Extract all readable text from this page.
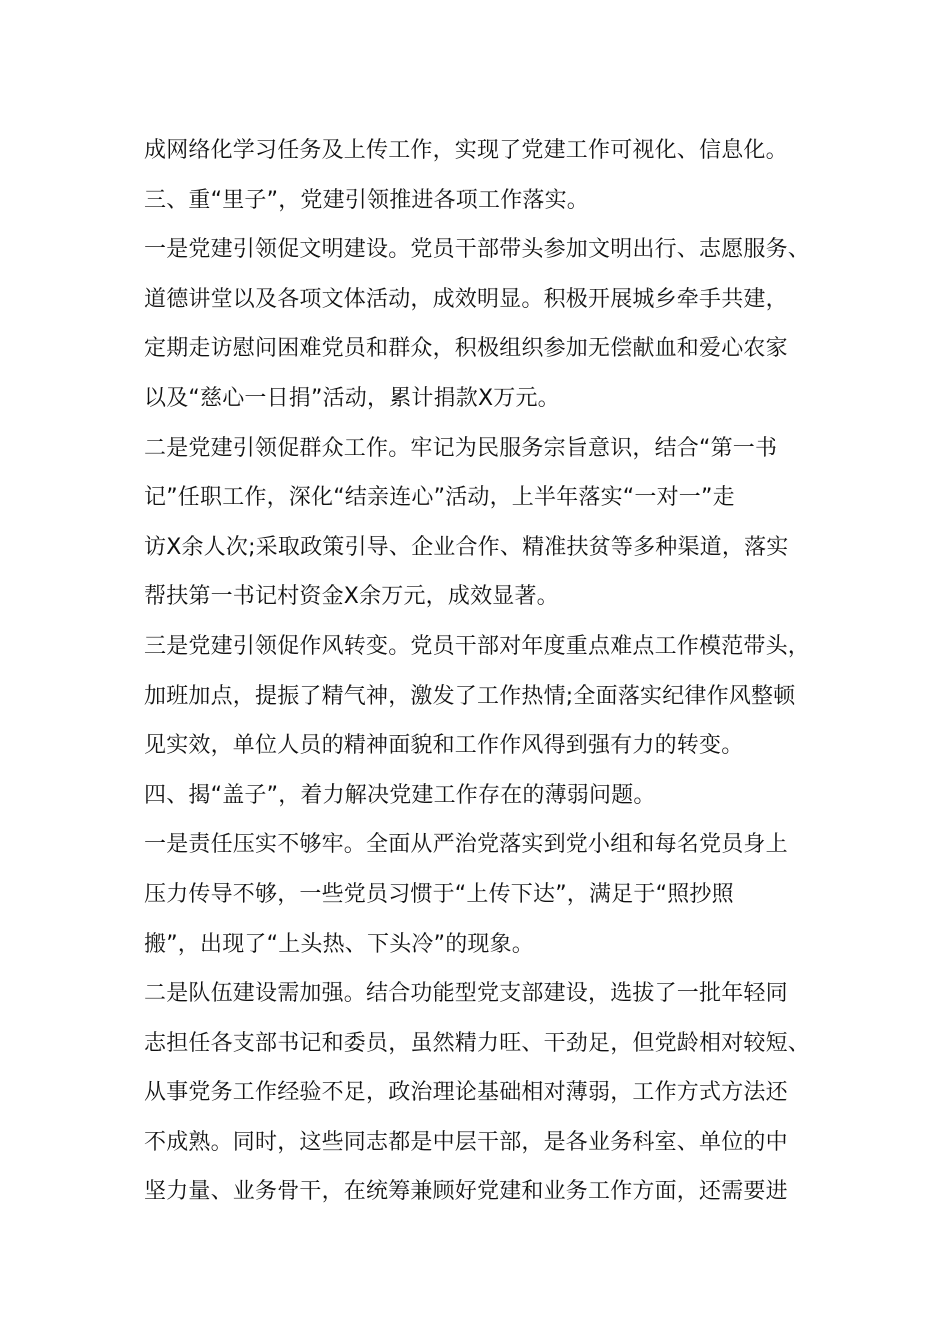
成网络化学习任务及上传工作，实现了党建工作可视化、信息化。
三、重“里子”，党建引领推进各项工作落实。
一是党建引领促文明建设。党员干部带头参加文明出行、志愿服务、
道德讲堂以及各项文体活动，成效明显。积极开展城乡牵手共建，
定期走访慰问困难党员和群众，积极组织参加无偿献血和爱心农家
以及“慈心一日捐”活动，累计捐款X万元。
二是党建引领促群众工作。牢记为民服务宗旨意识，结合“第一书
记”任职工作，深化“结亲连心”活动，上半年落实“一对一”走
访X余人次;采取政策引导、企业合作、精准扶贫等多种渠道，落实
帮扶第一书记村资金X余万元，成效显著。
三是党建引领促作风转变。党员干部对年度重点难点工作模范带头，
加班加点，提振了精气神，激发了工作热情;全面落实纪律作风整顿
见实效，单位人员的精神面貌和工作作风得到强有力的转变。
四、揭“盖子”，着力解决党建工作存在的薄弱问题。
一是责任压实不够牢。全面从严治党落实到党小组和每名党员身上
压力传导不够，一些党员习惯于“上传下达”，满足于“照抄照
搬”，出现了“上头热、下头冷”的现象。
二是队伍建设需加强。结合功能型党支部建设，选拔了一批年轻同
志担任各支部书记和委员，虽然精力旺、干劲足，但党龄相对较短、
从事党务工作经验不足，政治理论基础相对薄弱，工作方式方法还
不成熟。同时，这些同志都是中层干部，是各业务科室、单位的中
坚力量、业务骨干，在统筹兼顾好党建和业务工作方面，还需要进
